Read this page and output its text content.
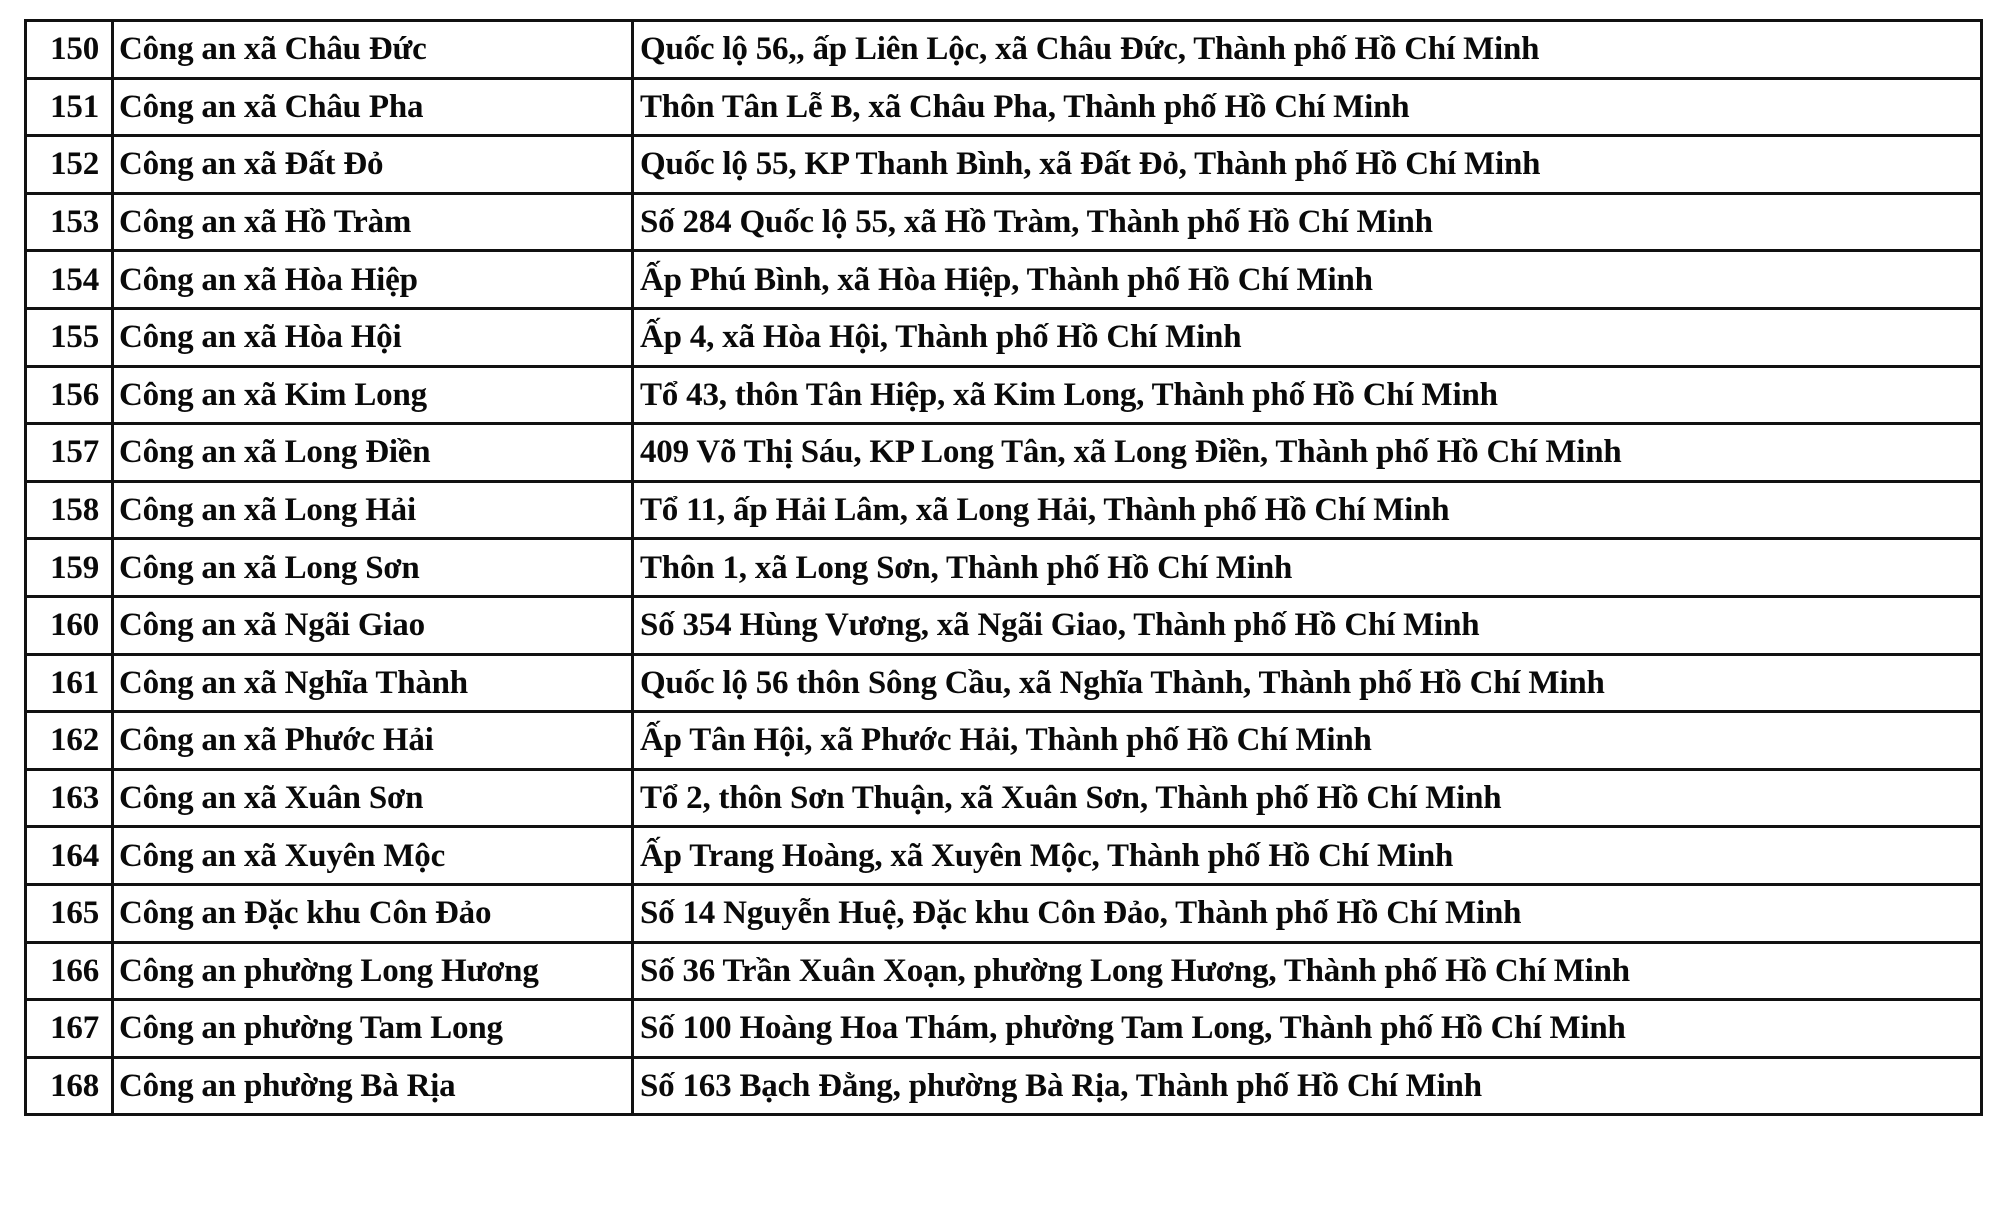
150	Công an xã Châu Đức	Quốc lộ 56,, ấp Liên Lộc, xã Châu Đức, Thành phố Hồ Chí Minh
151	Công an xã Châu Pha	Thôn Tân Lễ B, xã Châu Pha, Thành phố Hồ Chí Minh
152	Công an xã Đất Đỏ	Quốc lộ 55, KP Thanh Bình, xã Đất Đỏ, Thành phố Hồ Chí Minh
153	Công an xã Hồ Tràm	Số 284 Quốc lộ 55, xã Hồ Tràm, Thành phố Hồ Chí Minh
154	Công an xã Hòa Hiệp	Ấp Phú Bình, xã Hòa Hiệp, Thành phố Hồ Chí Minh
155	Công an xã Hòa Hội	Ấp 4, xã Hòa Hội, Thành phố Hồ Chí Minh
156	Công an xã Kim Long	Tổ 43, thôn Tân Hiệp, xã Kim Long, Thành phố Hồ Chí Minh
157	Công an xã Long Điền	409 Võ Thị Sáu, KP Long Tân, xã Long Điền, Thành phố Hồ Chí Minh
158	Công an xã Long Hải	Tổ 11, ấp Hải Lâm, xã Long Hải, Thành phố Hồ Chí Minh
159	Công an xã Long Sơn	Thôn 1, xã Long Sơn, Thành phố Hồ Chí Minh
160	Công an xã Ngãi Giao	Số 354 Hùng Vương, xã Ngãi Giao, Thành phố Hồ Chí Minh
161	Công an xã Nghĩa Thành	Quốc lộ 56 thôn Sông Cầu, xã Nghĩa Thành, Thành phố Hồ Chí Minh
162	Công an xã Phước Hải	Ấp Tân Hội, xã Phước Hải, Thành phố Hồ Chí Minh
163	Công an xã Xuân Sơn	Tổ 2, thôn Sơn Thuận, xã Xuân Sơn, Thành phố Hồ Chí Minh
164	Công an xã Xuyên Mộc	Ấp Trang Hoàng, xã Xuyên Mộc, Thành phố Hồ Chí Minh
165	Công an Đặc khu Côn Đảo	Số 14 Nguyễn Huệ, Đặc khu Côn Đảo, Thành phố Hồ Chí Minh
166	Công an phường Long Hương	Số 36 Trần Xuân Xoạn, phường Long Hương, Thành phố Hồ Chí Minh
167	Công an phường Tam Long	Số 100 Hoàng Hoa Thám, phường Tam Long, Thành phố Hồ Chí Minh
168	Công an phường Bà Rịa	Số 163 Bạch Đằng, phường Bà Rịa, Thành phố Hồ Chí Minh
